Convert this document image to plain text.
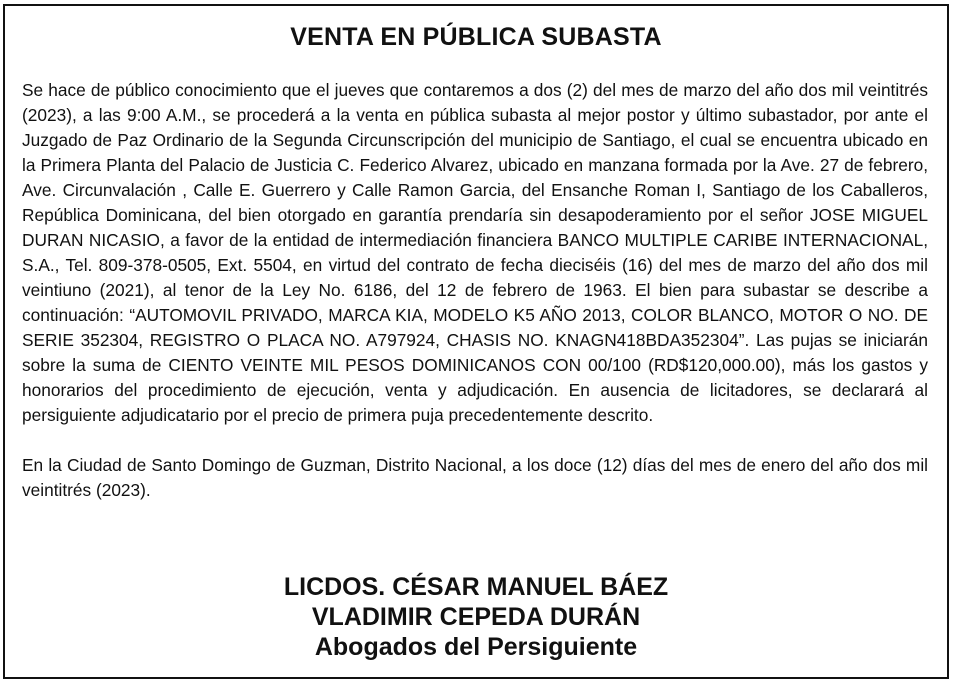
VENTA EN PÚBLICA SUBASTA

Se hace de público conocimiento que el jueves que contaremos a dos (2) del mes de marzo del año dos mil veintitrés (2023), a las 9:00 A.M., se procederá a la venta en pública subasta al mejor postor y último subastador, por ante el Juzgado de Paz Ordinario de la Segunda Circunscripción del municipio de Santiago, el cual se encuentra ubicado en la Primera Planta del Palacio de Justicia C. Federico Alvarez, ubicado en manzana formada por la Ave. 27 de febrero, Ave. Circunvalación , Calle E. Guerrero y Calle Ramon Garcia, del Ensanche Roman I, Santiago de los Caballeros, República Dominicana, del bien otorgado en garantía prendaría sin desapoderamiento por el señor JOSE MIGUEL DURAN NICASIO, a favor de la entidad de intermediación financiera BANCO MULTIPLE CARIBE INTERNACIONAL, S.A., Tel. 809-378-0505, Ext. 5504, en virtud del contrato de fecha dieciséis (16) del mes de marzo del año dos mil veintiuno (2021), al tenor de la Ley No. 6186, del 12 de febrero de 1963. El bien para subastar se describe a continuación: “AUTOMOVIL PRIVADO, MARCA KIA, MODELO K5 AÑO 2013, COLOR BLANCO, MOTOR O NO. DE SERIE 352304, REGISTRO O PLACA NO. A797924, CHASIS NO. KNAGN418BDA352304”. Las pujas se iniciarán sobre la suma de CIENTO VEINTE MIL PESOS DOMINICANOS CON 00/100 (RD$120,000.00), más los gastos y honorarios del procedimiento de ejecución, venta y adjudicación. En ausencia de licitadores, se declarará al persiguiente adjudicatario por el precio de primera puja precedentemente descrito.

En la Ciudad de Santo Domingo de Guzman, Distrito Nacional, a los doce (12) días del mes de enero del año dos mil veintitrés (2023).

LICDOS. CÉSAR MANUEL BÁEZ
VLADIMIR CEPEDA DURÁN
Abogados del Persiguiente
